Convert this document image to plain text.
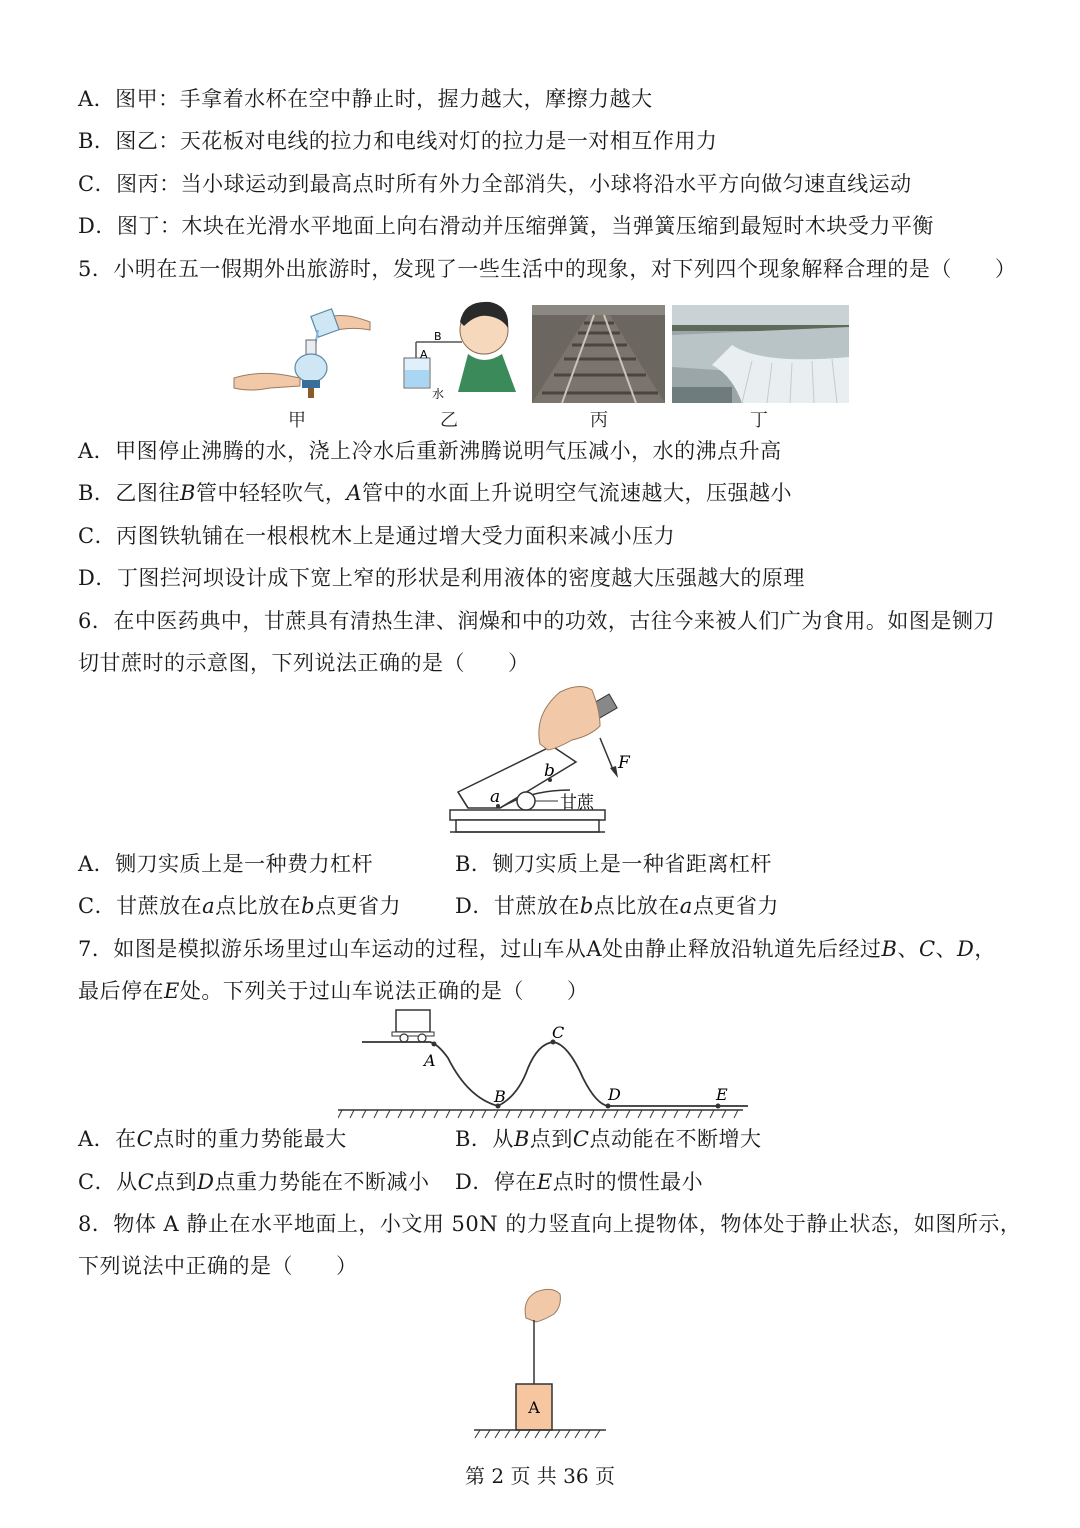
A．图甲：手拿着水杯在空中静止时，握力越大，摩擦力越大
B．图乙：天花板对电线的拉力和电线对灯的拉力是一对相互作用力
C．图丙：当小球运动到最高点时所有外力全部消失，小球将沿水平方向做匀速直线运动
D．图丁：木块在光滑水平地面上向右滑动并压缩弹簧，当弹簧压缩到最短时木块受力平衡
5．小明在五一假期外出旅游时，发现了一些生活中的现象，对下列四个现象解释合理的是（　　）
甲
B
A
水
乙	丙	丁
A．甲图停止沸腾的水，浇上冷水后重新沸腾说明气压减小，水的沸点升高
B．乙图往B管中轻轻吹气，A管中的水面上升说明空气流速越大，压强越小
C．丙图铁轨铺在一根根枕木上是通过增大受力面积来减小压力
D．丁图拦河坝设计成下宽上窄的形状是利用液体的密度越大压强越大的原理
6．在中医药典中，甘蔗具有清热生津、润燥和中的功效，古往今来被人们广为食用。如图是铡刀
切甘蔗时的示意图，下列说法正确的是（　　）
F
b
a	甘蔗
A．铡刀实质上是一种费力杠杆	B．铡刀实质上是一种省距离杠杆
C．甘蔗放在a点比放在b点更省力	D．甘蔗放在b点比放在a点更省力
7．如图是模拟游乐场里过山车运动的过程，过山车从A处由静止释放沿轨道先后经过B、C、D，
最后停在E处。下列关于过山车说法正确的是（　　）
A
B
C
D	E
A．在C点时的重力势能最大	B．从B点到C点动能在不断增大
C．从C点到D点重力势能在不断减小 D．停在E点时的惯性最小
8．物体 A 静止在水平地面上，小文用 50N 的力竖直向上提物体，物体处于静止状态，如图所示，
下列说法中正确的是（　　）
A
第 2 页 共 36 页
